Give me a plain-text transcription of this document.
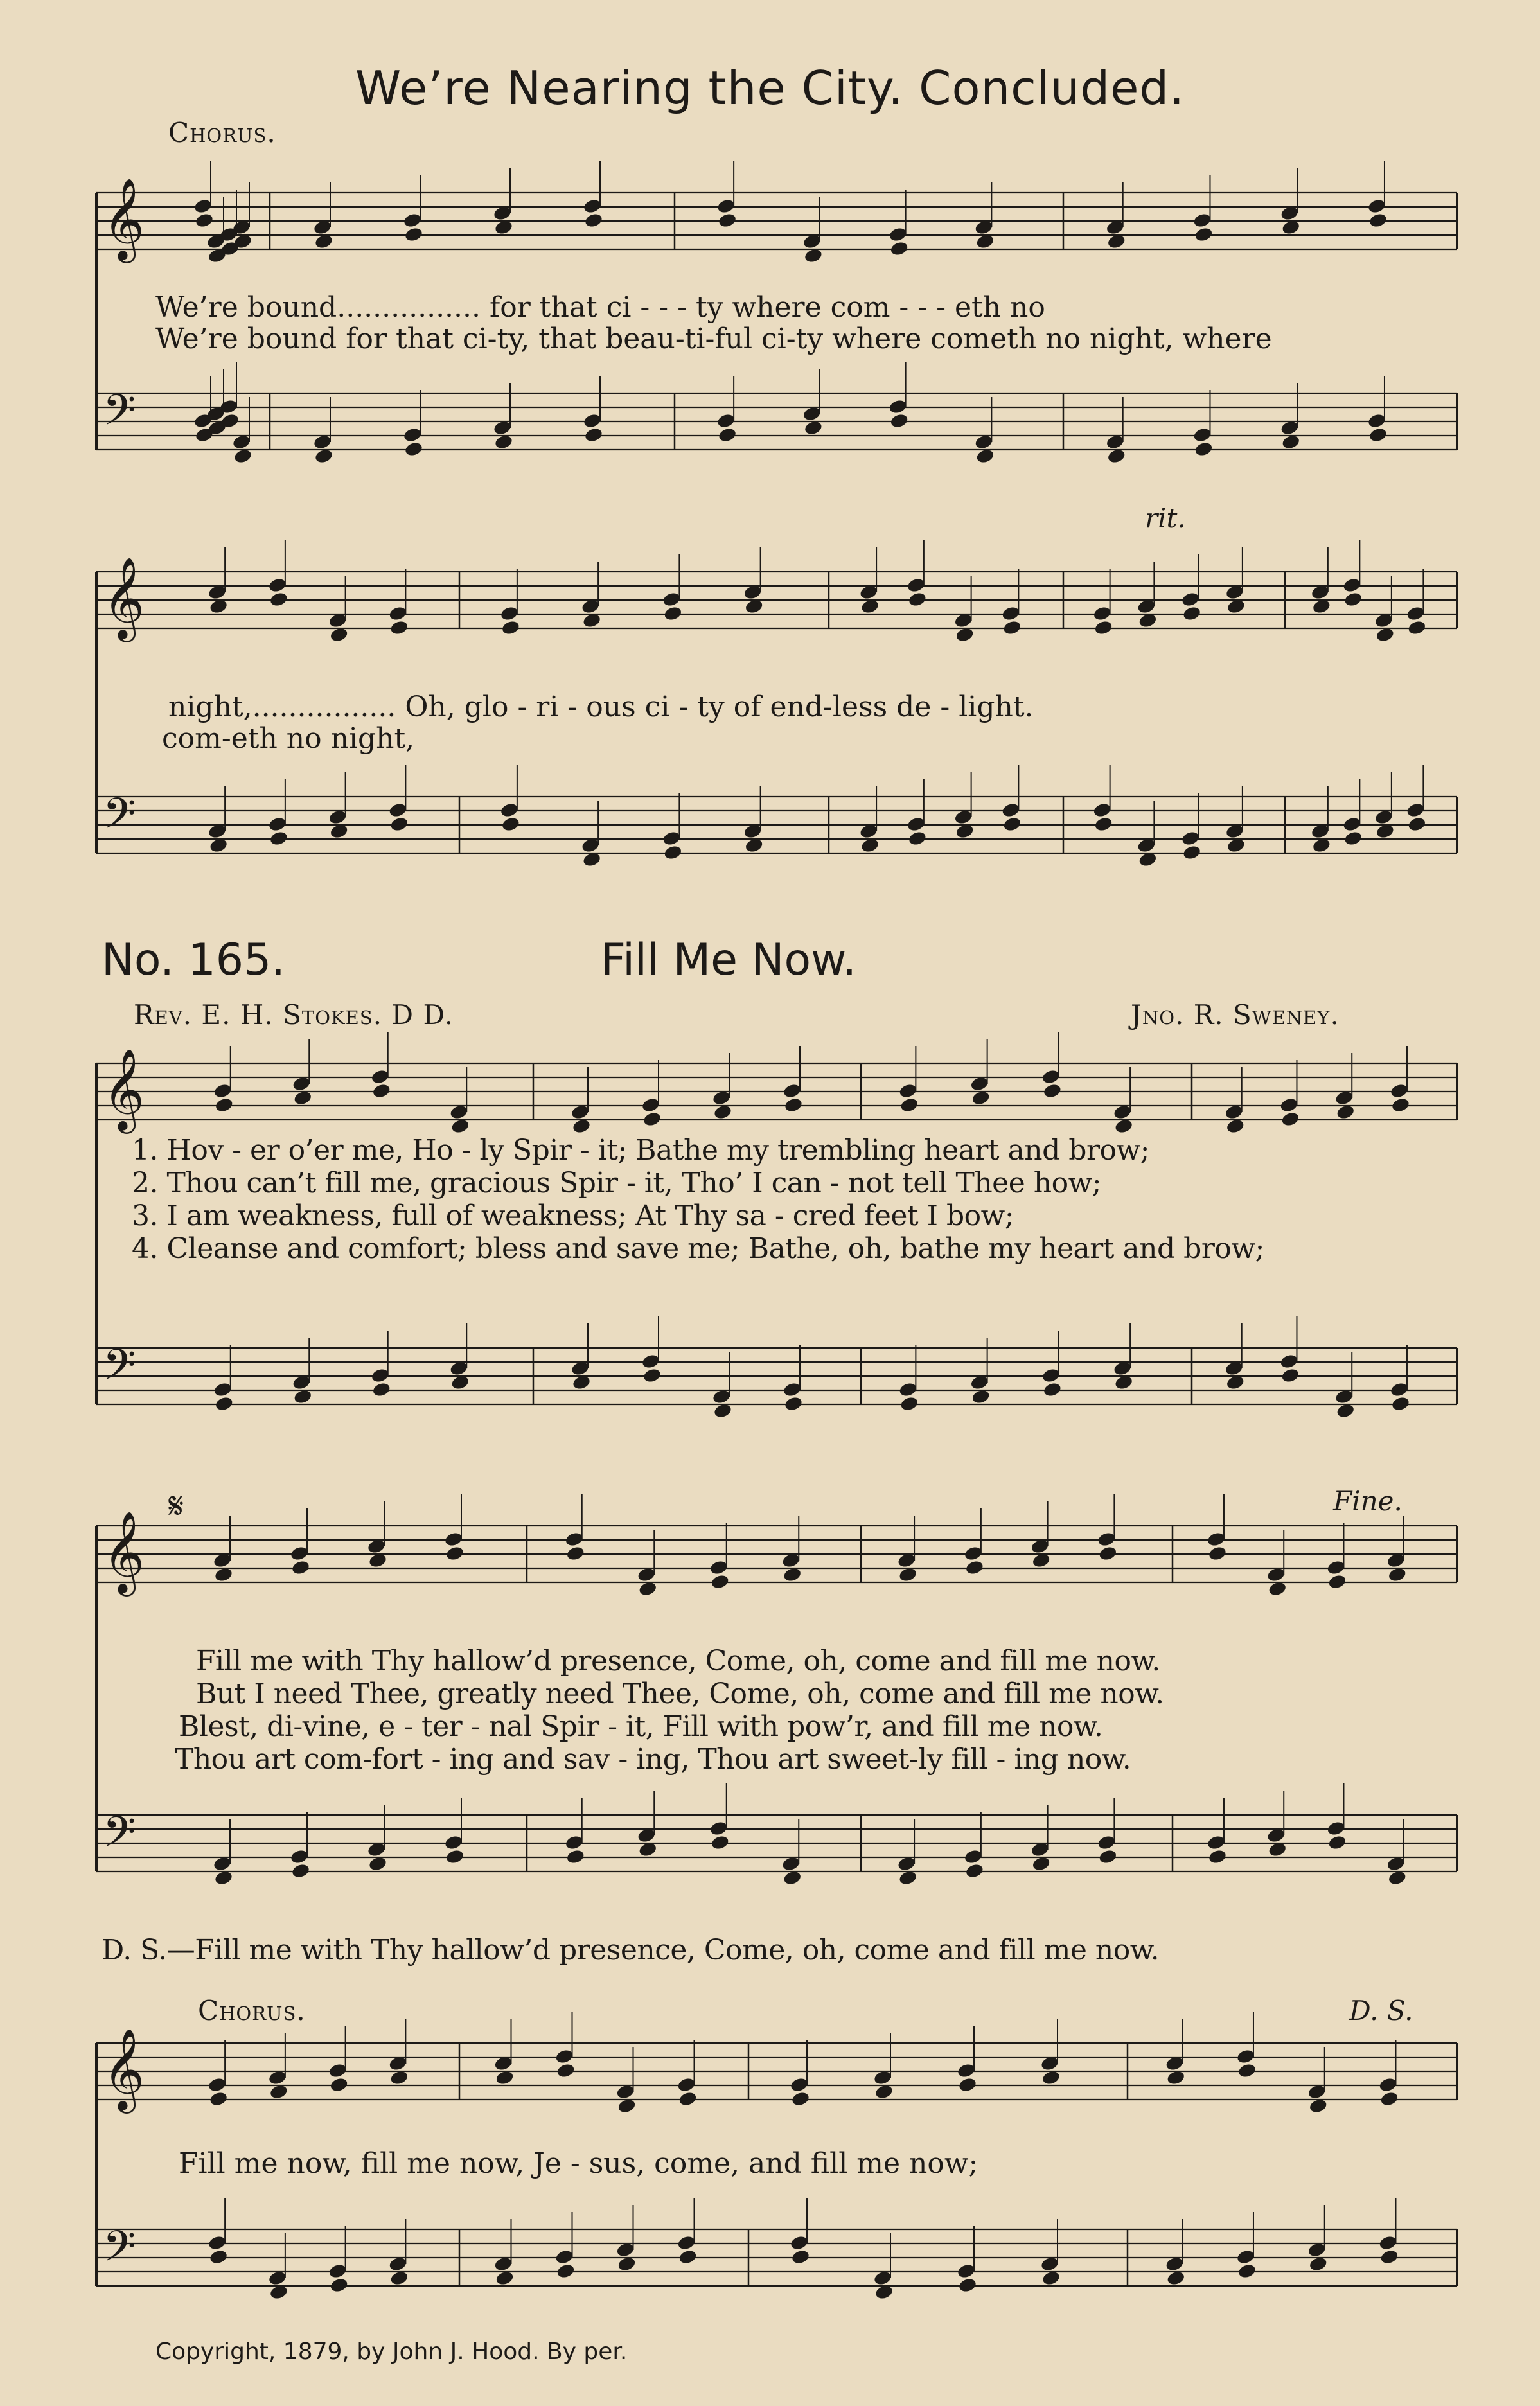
𝄞
𝄢
𝄞
𝄢
𝄞
𝄢
𝄞
𝄢
𝄞
𝄢
We’re Nearing the City. Concluded.
Chorus.
We’re bound................ for that ci - - - ty where com - - - eth no
We’re bound for that ci-ty, that beau-ti-ful ci-ty where cometh no night, where
rit.
night,................ Oh, glo - ri - ous ci - ty of end-less de - light.
com-eth no night,
No. 165.	Fill Me Now.
Rev. E. H. Stokes. D D.	Jno. R. Sweney.
1. Hov - er o’er me, Ho - ly Spir - it; Bathe my trembling heart and brow;
2. Thou can’t fill me, gracious Spir - it, Tho’ I can - not tell Thee how;
3. I am weakness, full of weakness; At Thy sa - cred feet I bow;
4. Cleanse and comfort; bless and save me; Bathe, oh, bathe my heart and brow;
𝄋	Fine.
Fill me with Thy hallow’d presence, Come, oh, come and fill me now.
But I need Thee, greatly need Thee, Come, oh, come and fill me now.
Blest, di-vine, e - ter - nal Spir - it, Fill with pow’r, and fill me now.
Thou art com-fort - ing and sav - ing, Thou art sweet-ly fill - ing now.
D. S.—Fill me with Thy hallow’d presence, Come, oh, come and fill me now.
Chorus.	D. S.
Fill me now, fill me now, Je - sus, come, and fill me now;
Copyright, 1879, by John J. Hood. By per.
